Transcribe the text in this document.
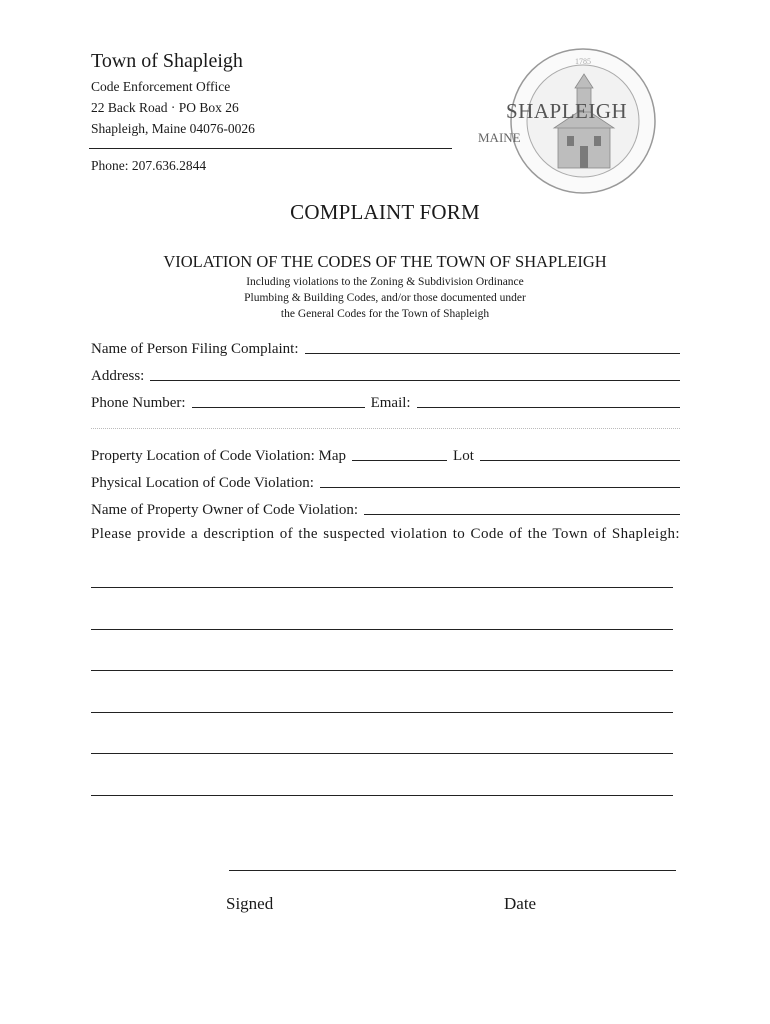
Town of Shapleigh
Code Enforcement Office
22 Back Road · PO Box 26
Shapleigh, Maine 04076-0026
Phone: 207.636.2844
1785
SHAPLEIGH
MAINE
COMPLAINT FORM
VIOLATION OF THE CODES OF THE TOWN OF SHAPLEIGH
Including violations to the Zoning & Subdivision Ordinance
Plumbing & Building Codes, and/or those documented under
the General Codes for the Town of Shapleigh
Name of Person Filing Complaint:
Address:
Phone Number:	Email:
Property Location of Code Violation: Map	Lot
Physical Location of Code Violation:
Name of Property Owner of Code Violation:
Please provide a description of the suspected violation to Code of the Town of Shapleigh:
Signed	Date
